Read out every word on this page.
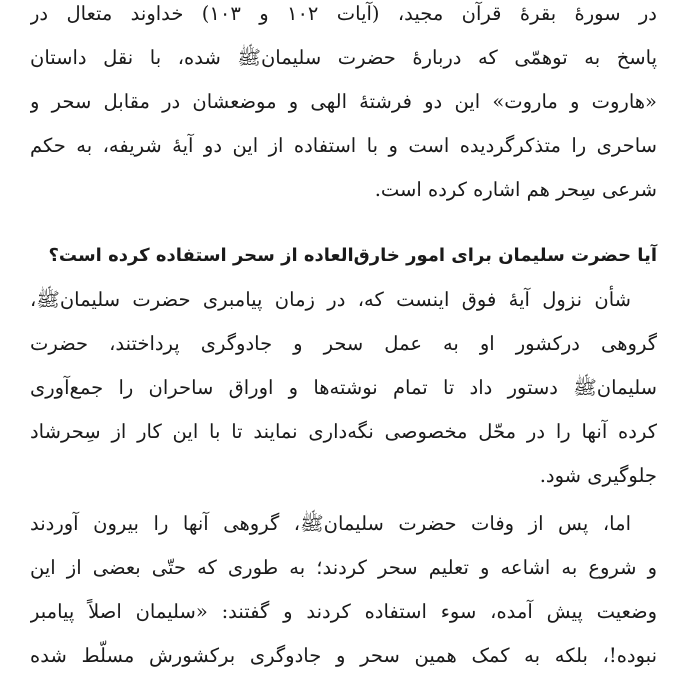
در سورۀ بقرۀ قرآن مجید، (آیات ۱۰۲ و ۱۰۳) خداوند متعال در
پاسخ به توهمّی که دربارۀ حضرت سلیمانﷺ شده، با نقل داستان
«هاروت و ماروت» این دو فرشتۀ الهی و موضعشان در مقابل سحر و
ساحری را متذکرگردیده است و با استفاده از این دو آیۀ شریفه، به حکم
شرعی سِحر هم اشاره کرده است.
آیا حضرت سلیمان برای امور خارق‌العاده از سحر استفاده کرده است؟
شأن نزول آیۀ فوق اینست که، در زمان پیامبری حضرت سلیمانﷺ،
گروهی درکشور او به عمل سحر و جادوگری پرداختند، حضرت
سلیمانﷺ دستور داد تا تمام نوشته‌ها و اوراق ساحران را جمع‌آوری
کرده آنها را در محّل مخصوصی نگه‌داری نمایند تا با این کار از سِحرشاد
جلوگیری شود.
اما، پس از وفات حضرت سلیمانﷺ، گروهی آنها را بیرون آوردند
و شروع به اشاعه و تعلیم سحر کردند؛ به طوری که حتّی بعضی از این
وضعیت پیش آمده، سوء استفاده کردند و گفتند: «سلیمان اصلاً پیامبر
نبوده!، بلکه به کمک همین سحر و جادوگری برکشورش مسلّط شده
